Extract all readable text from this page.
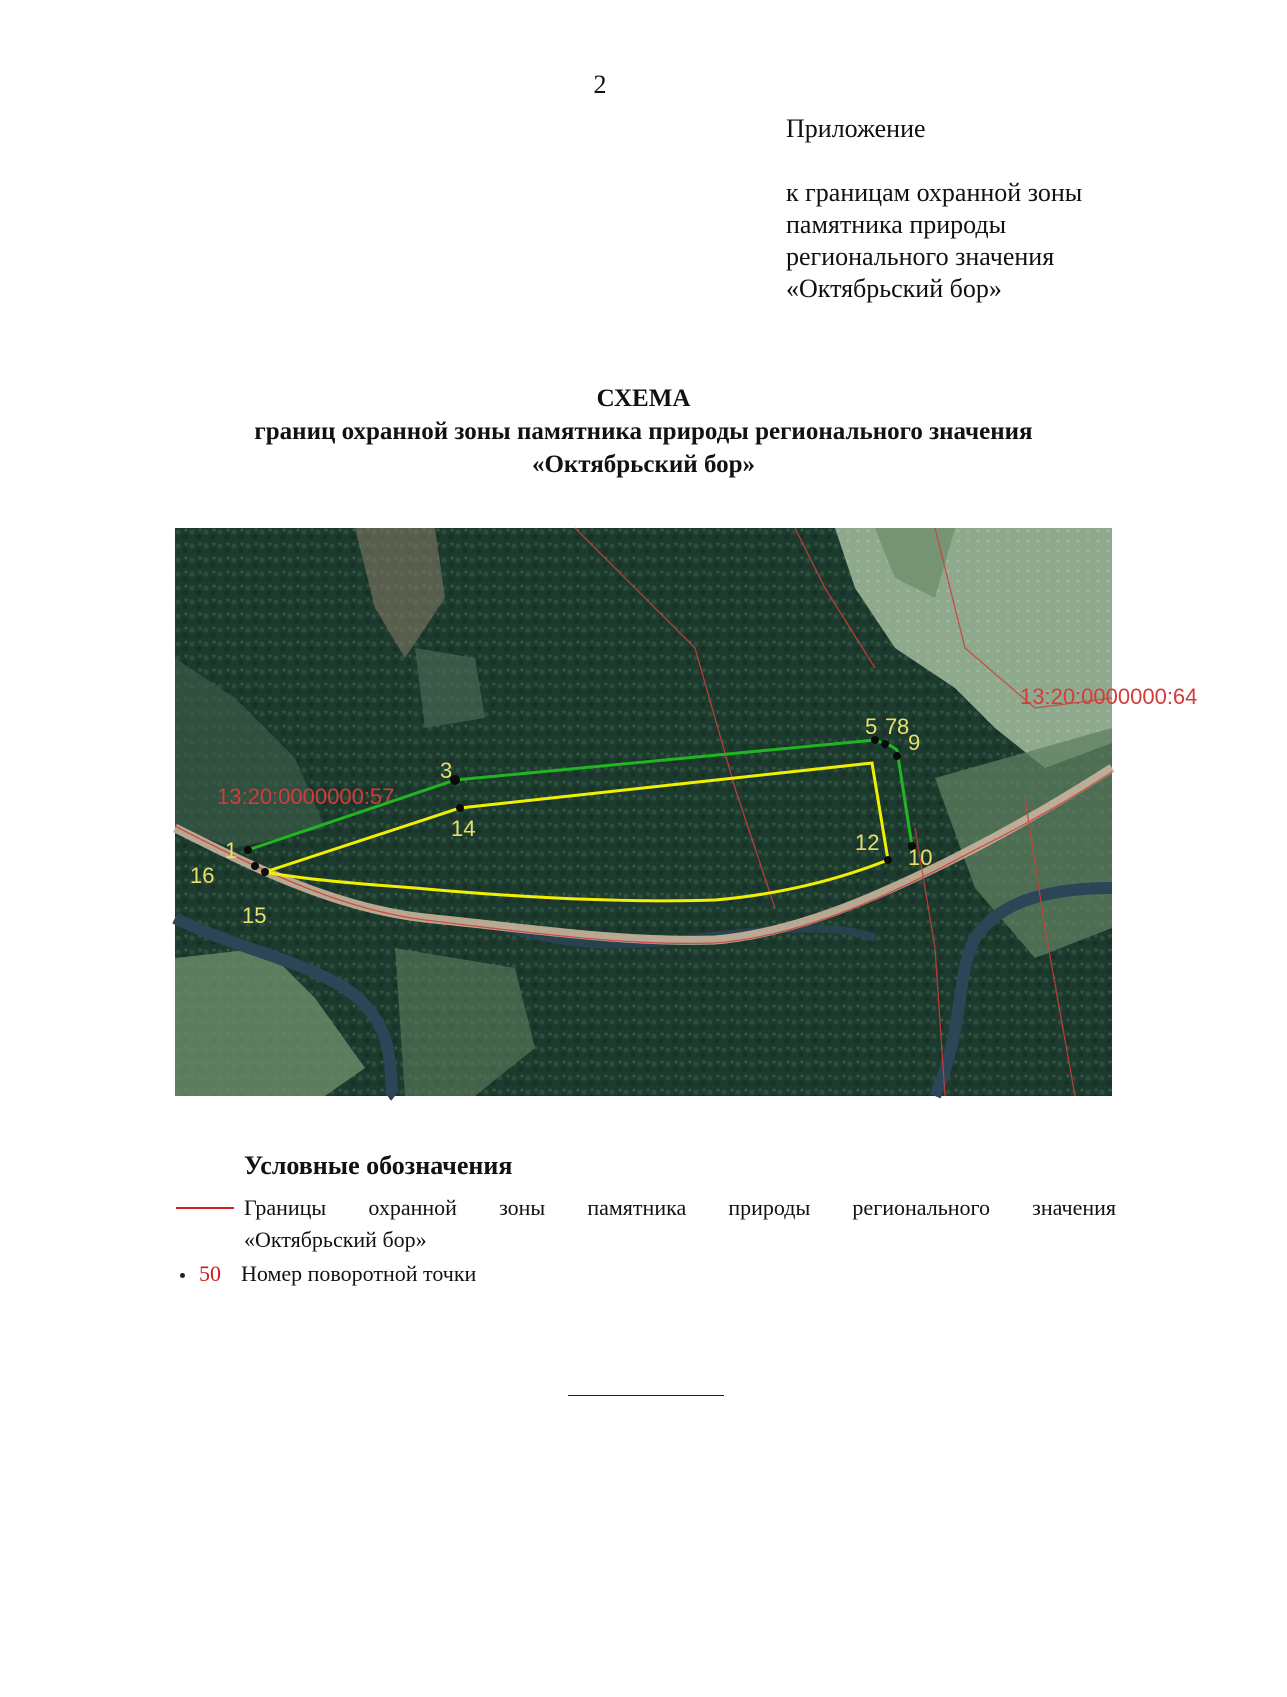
2
Приложение
к границам охранной зоны
памятника природы
регионального значения
«Октябрьский бор»
СХЕМА
границ охранной зоны памятника природы регионального значения
«Октябрьский бор»
13:20:0000000:64
13:20:0000000:57
1
3
5 7 8
9
10
12
14
15
16
Условные обозначения
Границы охранной зоны памятника природы регионального значения
«Октябрьский бор»
50 Номер поворотной точки
